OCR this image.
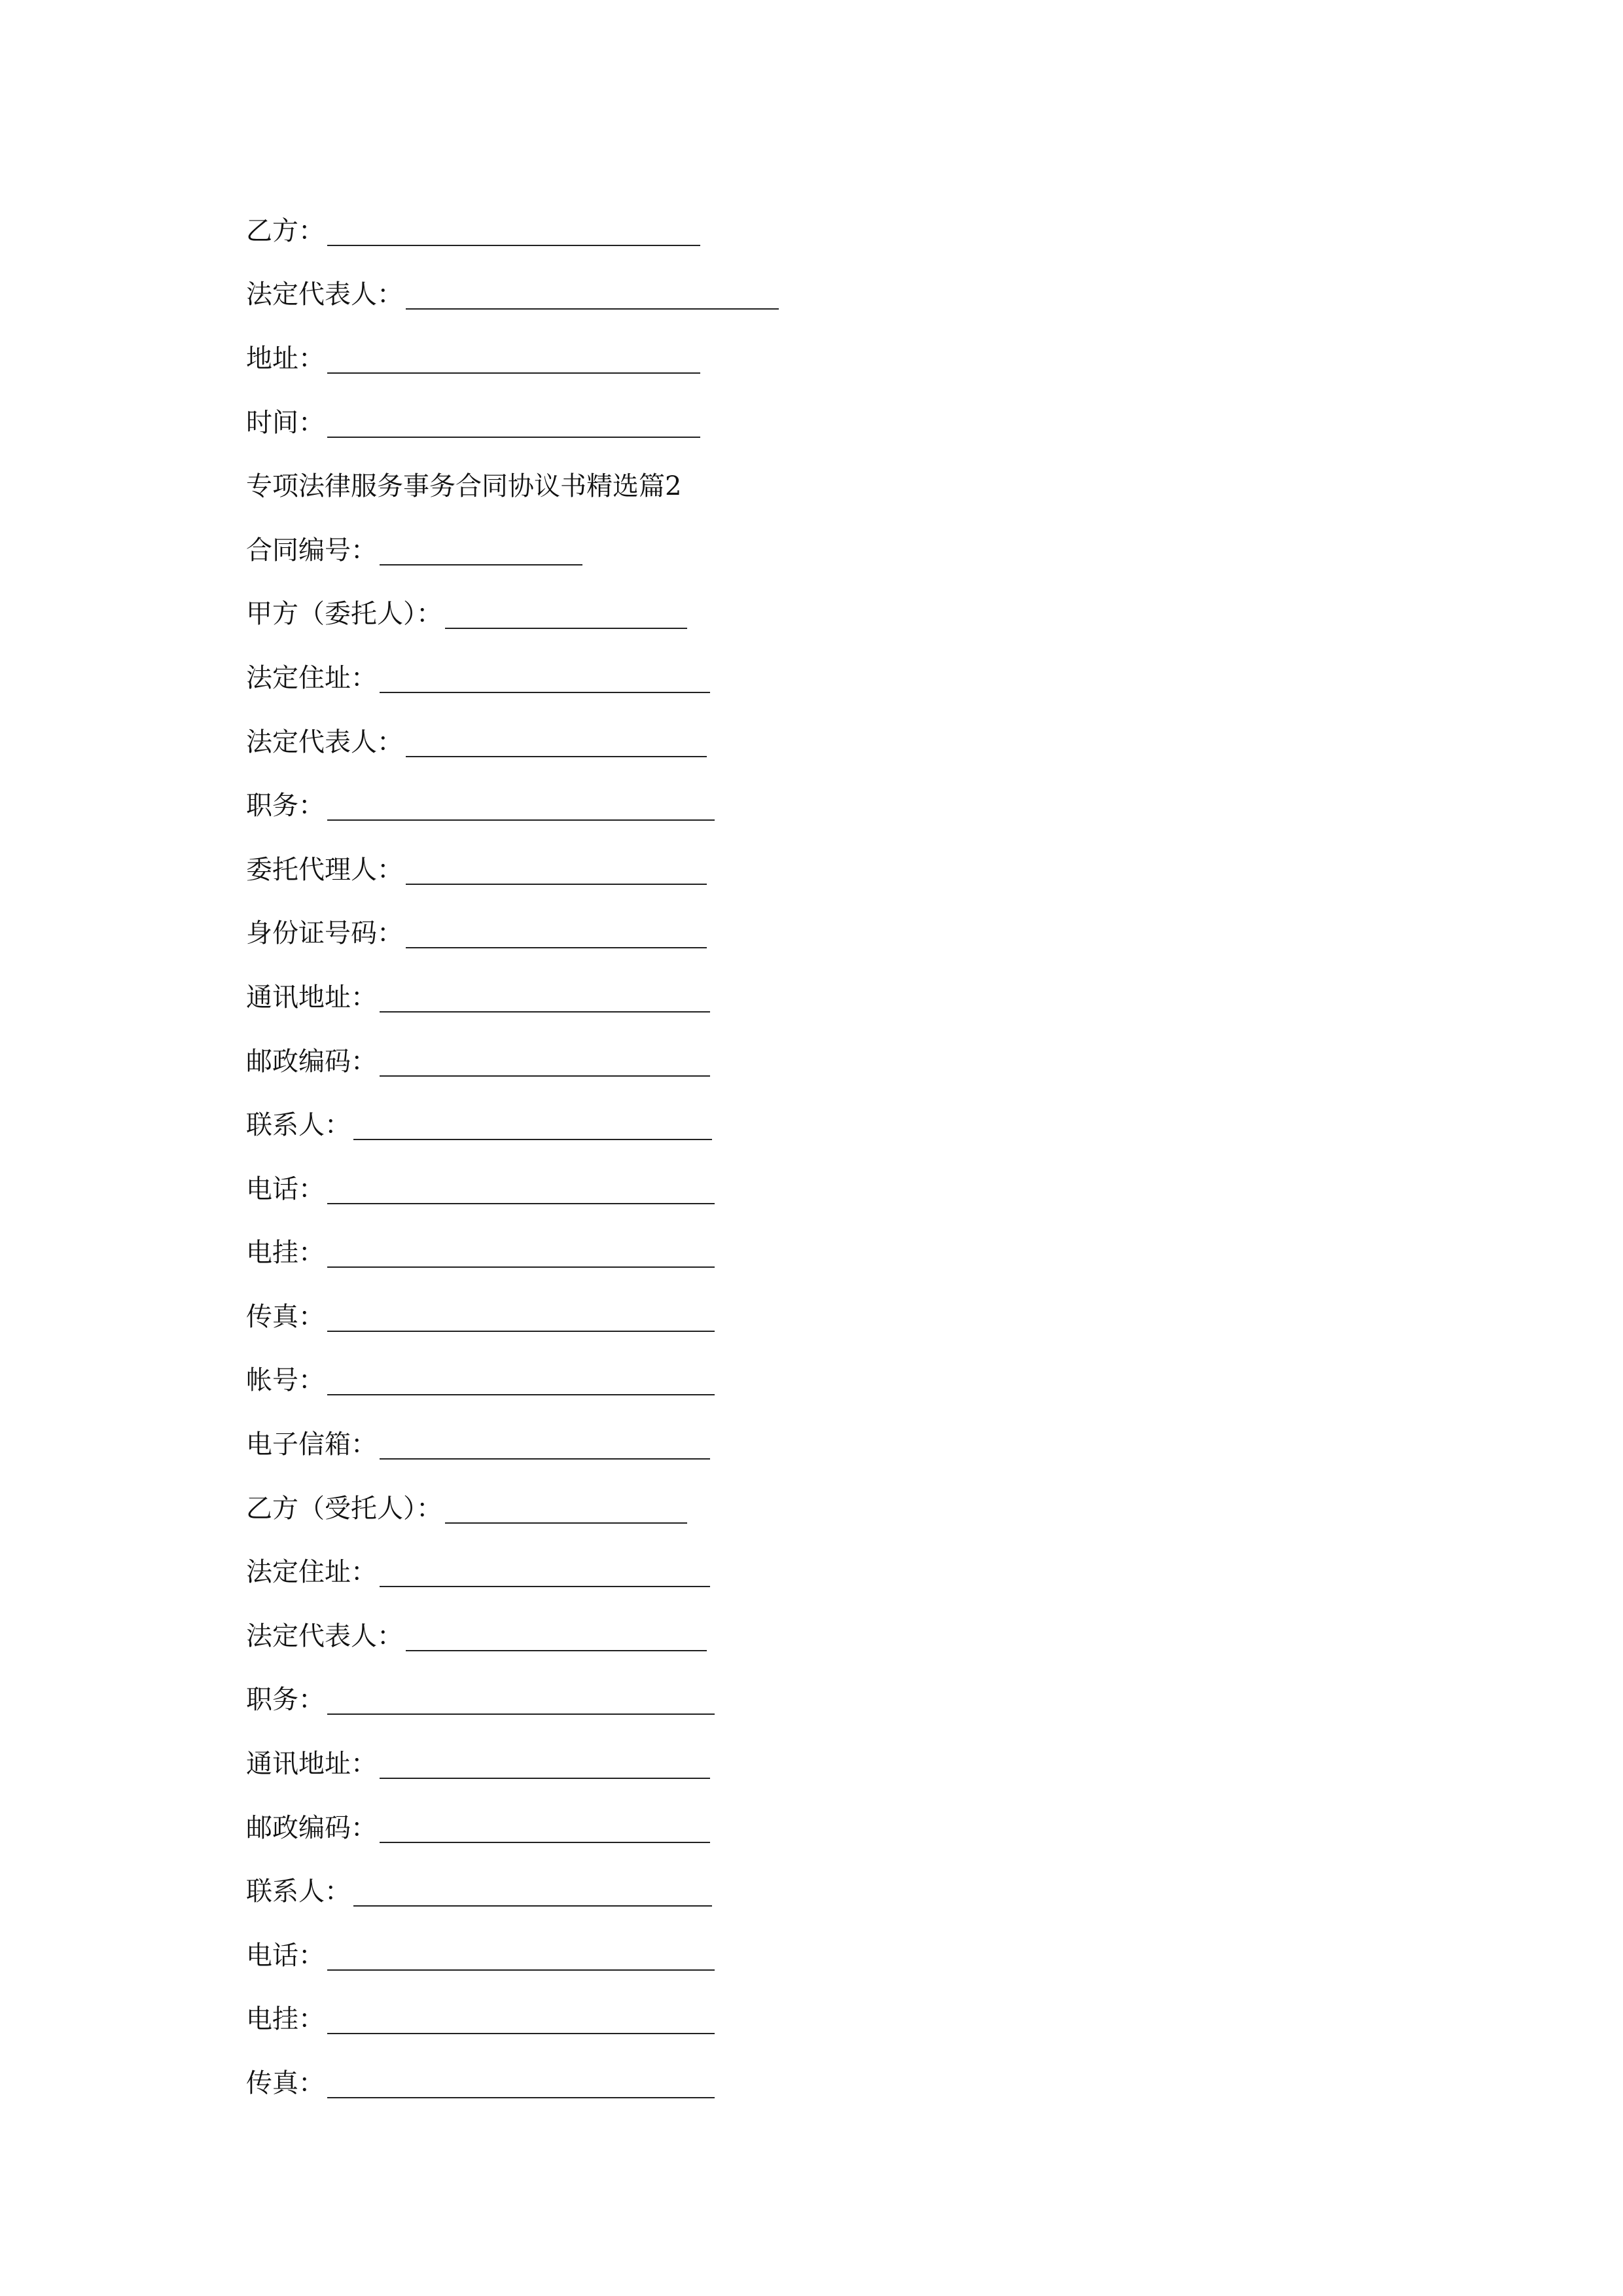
乙方：
法定代表人：
地址：
时间：
专项法律服务事务合同协议书精选篇2
合同编号：
甲方（委托人）：
法定住址：
法定代表人：
职务：
委托代理人：
身份证号码：
通讯地址：
邮政编码：
联系人：
电话：
电挂：
传真：
帐号：
电子信箱：
乙方（受托人）：
法定住址：
法定代表人：
职务：
通讯地址：
邮政编码：
联系人：
电话：
电挂：
传真：
